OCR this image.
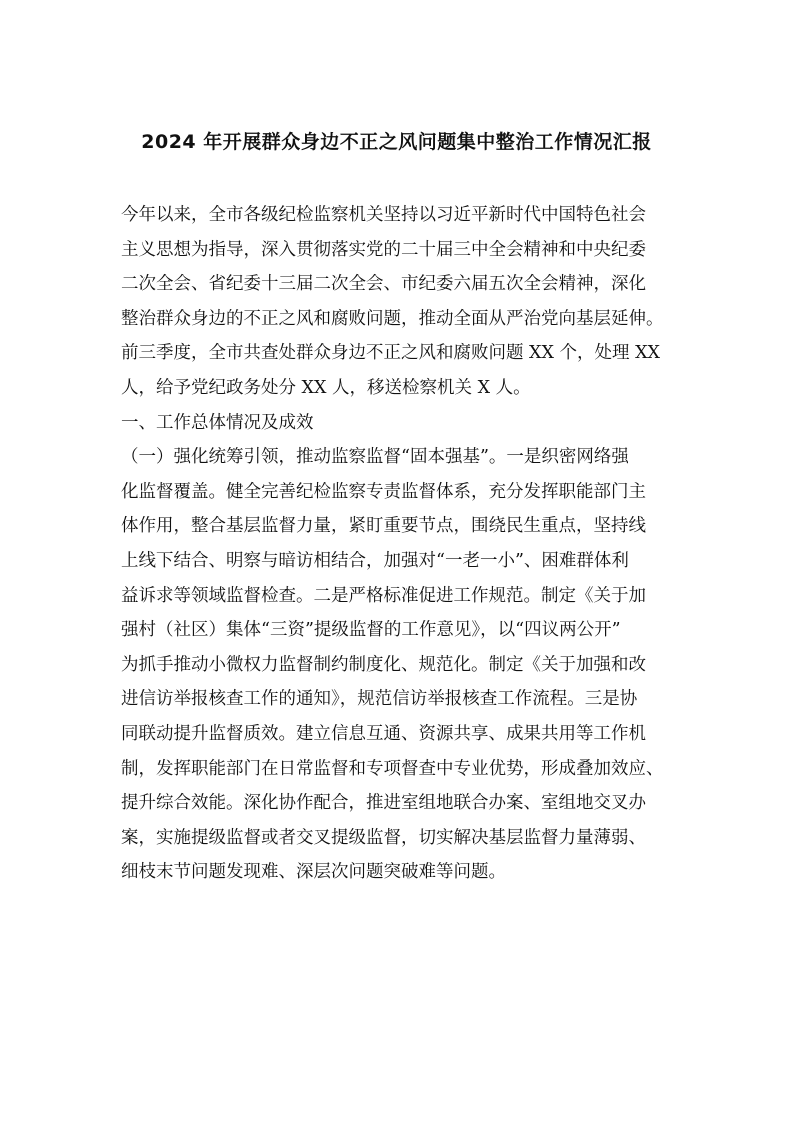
2024 年开展群众身边不正之风问题集中整治工作情况汇报

今年以来，全市各级纪检监察机关坚持以习近平新时代中国特色社会
主义思想为指导，深入贯彻落实党的二十届三中全会精神和中央纪委
二次全会、省纪委十三届二次全会、市纪委六届五次全会精神，深化
整治群众身边的不正之风和腐败问题，推动全面从严治党向基层延伸。
前三季度，全市共查处群众身边不正之风和腐败问题 XX 个，处理 XX
人，给予党纪政务处分 XX 人，移送检察机关 X 人。

一、工作总体情况及成效

（一）强化统筹引领，推动监察监督“固本强基”。一是织密网络强
化监督覆盖。健全完善纪检监察专责监督体系，充分发挥职能部门主
体作用，整合基层监督力量，紧盯重要节点，围绕民生重点，坚持线
上线下结合、明察与暗访相结合，加强对“一老一小”、困难群体利
益诉求等领域监督检查。二是严格标准促进工作规范。制定《关于加
强村（社区）集体“三资”提级监督的工作意见》，以“四议两公开”
为抓手推动小微权力监督制约制度化、规范化。制定《关于加强和改
进信访举报核查工作的通知》，规范信访举报核查工作流程。三是协
同联动提升监督质效。建立信息互通、资源共享、成果共用等工作机
制，发挥职能部门在日常监督和专项督查中专业优势，形成叠加效应、
提升综合效能。深化协作配合，推进室组地联合办案、室组地交叉办
案，实施提级监督或者交叉提级监督，切实解决基层监督力量薄弱、
细枝末节问题发现难、深层次问题突破难等问题。
